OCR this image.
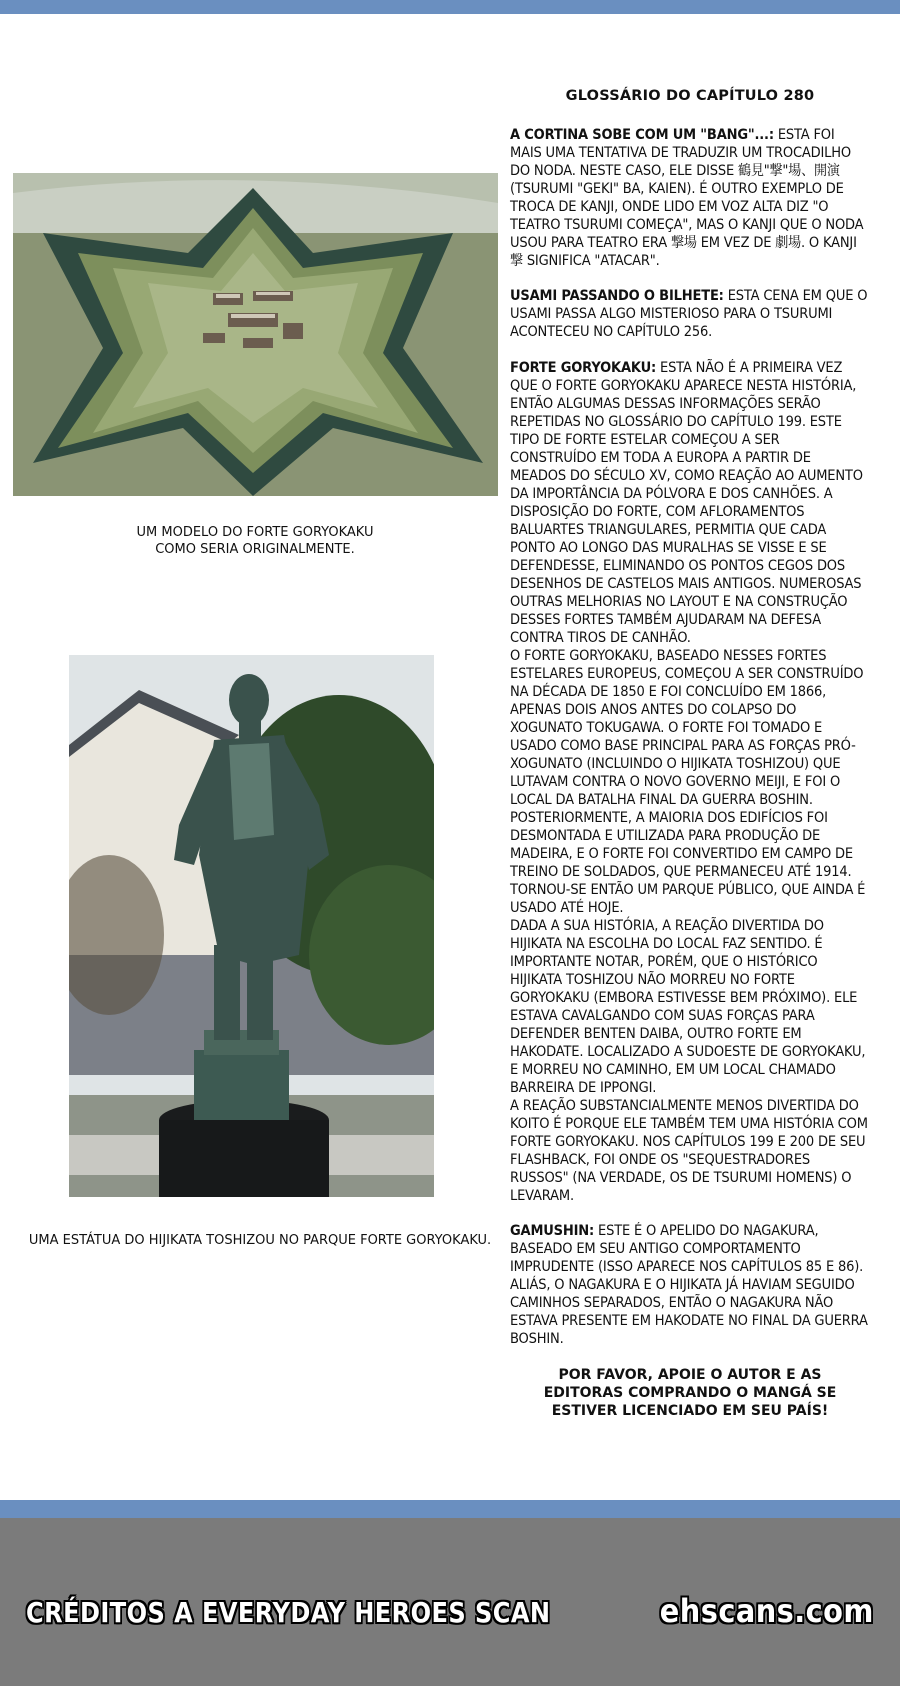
GLOSSÁRIO DO CAPÍTULO 280

A CORTINA SOBE COM UM "BANG"...: ESTA FOI MAIS UMA TENTATIVA DE TRADUZIR UM TROCADILHO DO NODA. NESTE CASO, ELE DISSE 鶴見"撃"場、開演 (TSURUMI "GEKI" BA, KAIEN). É OUTRO EXEMPLO DE TROCA DE KANJI, ONDE LIDO EM VOZ ALTA DIZ "O TEATRO TSURUMI COMEÇA", MAS O KANJI QUE O NODA USOU PARA TEATRO ERA 撃場 EM VEZ DE 劇場. O KANJI 撃 SIGNIFICA "ATACAR".

USAMI PASSANDO O BILHETE: ESTA CENA EM QUE O USAMI PASSA ALGO MISTERIOSO PARA O TSURUMI ACONTECEU NO CAPÍTULO 256.

FORTE GORYOKAKU: ESTA NÃO É A PRIMEIRA VEZ QUE O FORTE GORYOKAKU APARECE NESTA HISTÓRIA, ENTÃO ALGUMAS DESSAS INFORMAÇÕES SERÃO REPETIDAS NO GLOSSÁRIO DO CAPÍTULO 199. ESTE TIPO DE FORTE ESTELAR COMEÇOU A SER CONSTRUÍDO EM TODA A EUROPA A PARTIR DE MEADOS DO SÉCULO XV, COMO REAÇÃO AO AUMENTO DA IMPORTÂNCIA DA PÓLVORA E DOS CANHÕES. A DISPOSIÇÃO DO FORTE, COM AFLORAMENTOS BALUARTES TRIANGULARES, PERMITIA QUE CADA PONTO AO LONGO DAS MURALHAS SE VISSE E SE DEFENDESSE, ELIMINANDO OS PONTOS CEGOS DOS DESENHOS DE CASTELOS MAIS ANTIGOS. NUMEROSAS OUTRAS MELHORIAS NO LAYOUT E NA CONSTRUÇÃO DESSES FORTES TAMBÉM AJUDARAM NA DEFESA CONTRA TIROS DE CANHÃO.

O FORTE GORYOKAKU, BASEADO NESSES FORTES ESTELARES EUROPEUS, COMEÇOU A SER CONSTRUÍDO NA DÉCADA DE 1850 E FOI CONCLUÍDO EM 1866, APENAS DOIS ANOS ANTES DO COLAPSO DO XOGUNATO TOKUGAWA. O FORTE FOI TOMADO E USADO COMO BASE PRINCIPAL PARA AS FORÇAS PRÓ-XOGUNATO (INCLUINDO O HIJIKATA TOSHIZOU) QUE LUTAVAM CONTRA O NOVO GOVERNO MEIJI, E FOI O LOCAL DA BATALHA FINAL DA GUERRA BOSHIN. POSTERIORMENTE, A MAIORIA DOS EDIFÍCIOS FOI DESMONTADA E UTILIZADA PARA PRODUÇÃO DE MADEIRA, E O FORTE FOI CONVERTIDO EM CAMPO DE TREINO DE SOLDADOS, QUE PERMANECEU ATÉ 1914. TORNOU-SE ENTÃO UM PARQUE PÚBLICO, QUE AINDA É USADO ATÉ HOJE.

DADA A SUA HISTÓRIA, A REAÇÃO DIVERTIDA DO HIJIKATA NA ESCOLHA DO LOCAL FAZ SENTIDO. É IMPORTANTE NOTAR, PORÉM, QUE O HISTÓRICO HIJIKATA TOSHIZOU NÃO MORREU NO FORTE GORYOKAKU (EMBORA ESTIVESSE BEM PRÓXIMO). ELE ESTAVA CAVALGANDO COM SUAS FORÇAS PARA DEFENDER BENTEN DAIBA, OUTRO FORTE EM HAKODATE. LOCALIZADO A SUDOESTE DE GORYOKAKU, E MORREU NO CAMINHO, EM UM LOCAL CHAMADO BARREIRA DE IPPONGI.

A REAÇÃO SUBSTANCIALMENTE MENOS DIVERTIDA DO KOITO É PORQUE ELE TAMBÉM TEM UMA HISTÓRIA COM FORTE GORYOKAKU. NOS CAPÍTULOS 199 E 200 DE SEU FLASHBACK, FOI ONDE OS "SEQUESTRADORES RUSSOS" (NA VERDADE, OS DE TSURUMI HOMENS) O LEVARAM.

GAMUSHIN: ESTE É O APELIDO DO NAGAKURA, BASEADO EM SEU ANTIGO COMPORTAMENTO IMPRUDENTE (ISSO APARECE NOS CAPÍTULOS 85 E 86). ALIÁS, O NAGAKURA E O HIJIKATA JÁ HAVIAM SEGUIDO CAMINHOS SEPARADOS, ENTÃO O NAGAKURA NÃO ESTAVA PRESENTE EM HAKODATE NO FINAL DA GUERRA BOSHIN.

POR FAVOR, APOIE O AUTOR E AS
EDITORAS COMPRANDO O MANGÁ SE
ESTIVER LICENCIADO EM SEU PAÍS!
UM MODELO DO FORTE GORYOKAKU
COMO SERIA ORIGINALMENTE.
UMA ESTÁTUA DO HIJIKATA TOSHIZOU NO PARQUE FORTE GORYOKAKU.
CRÉDITOS A EVERYDAY HEROES SCAN	ehscans.com
